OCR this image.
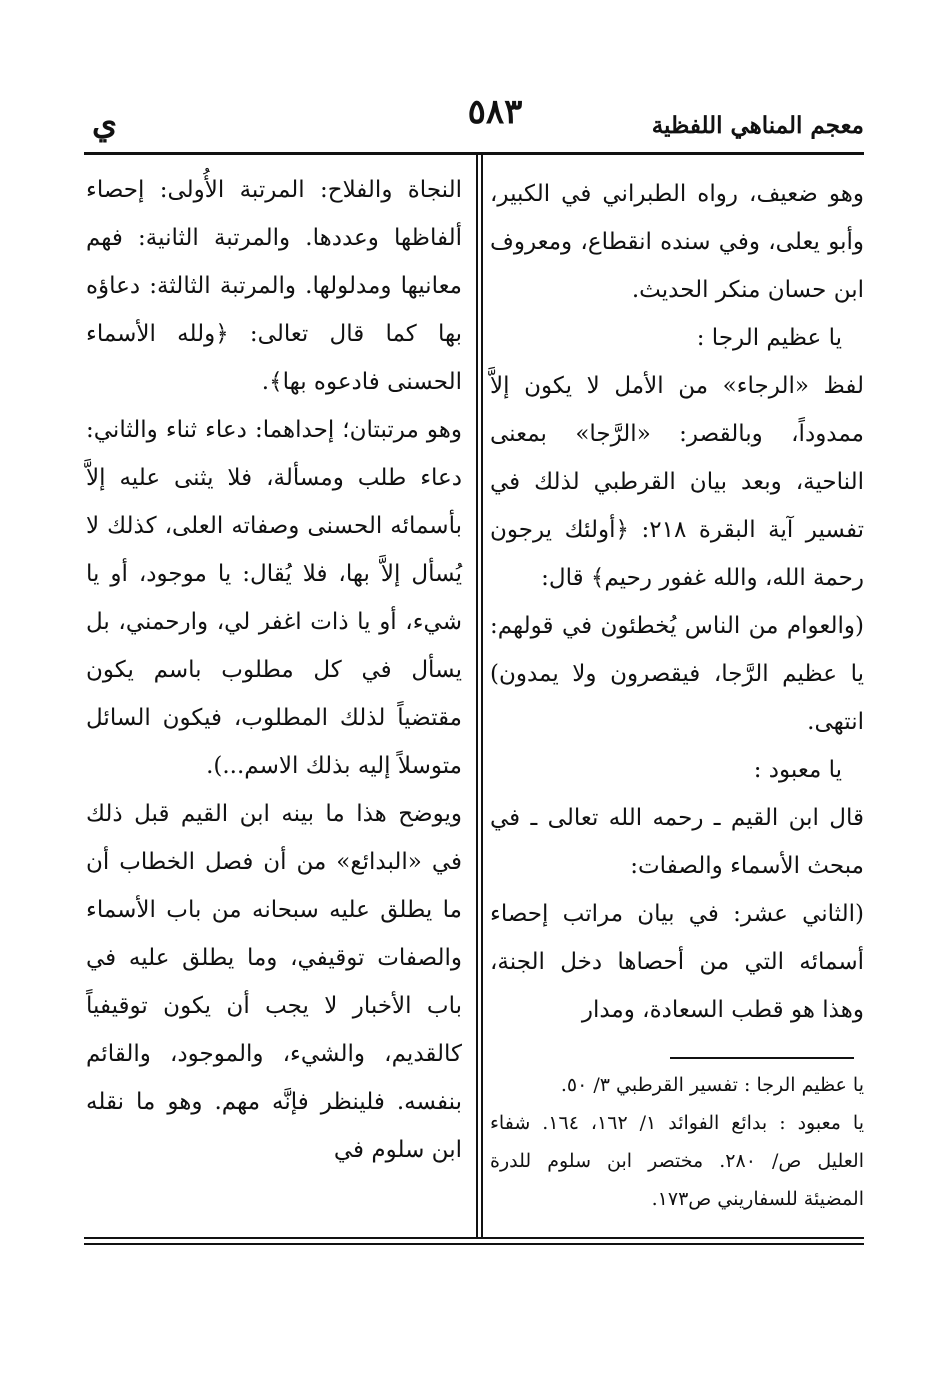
معجم المناهي اللفظية
٥٨٣
ي
وهو ضعيف، رواه الطبراني في الكبير، وأبو يعلى، وفي سنده انقطاع، ومعروف ابن حسان منكر الحديث.
يا عظيم الرجا :
لفظ «الرجاء» من الأمل لا يكون إلاَّ ممدوداً، وبالقصر: «الرَّجا» بمعنى الناحية، وبعد بيان القرطبي لذلك في تفسير آية البقرة ٢١٨: ﴿أولئك يرجون رحمة الله، والله غفور رحيم﴾ قال:
(والعوام من الناس يُخطئون في قولهم: يا عظيم الرَّجا، فيقصرون ولا يمدون) انتهى.
يا معبود :
قال ابن القيم ـ رحمه الله تعالى ـ في مبحث الأسماء والصفات:
(الثاني عشر: في بيان مراتب إحصاء أسمائه التي من أحصاها دخل الجنة، وهذا هو قطب السعادة، ومدار
النجاة والفلاح: المرتبة الأُولى: إحصاء ألفاظها وعددها. والمرتبة الثانية: فهم معانيها ومدلولها. والمرتبة الثالثة: دعاؤه بها كما قال تعالى: ﴿ولله الأسماء الحسنى فادعوه بها﴾.
وهو مرتبتان؛ إحداهما: دعاء ثناء والثاني: دعاء طلب ومسألة، فلا يثنى عليه إلاَّ بأسمائه الحسنى وصفاته العلى، كذلك لا يُسأل إلاَّ بها، فلا يُقال: يا موجود، أو يا شيء، أو يا ذات اغفر لي، وارحمني، بل يسأل في كل مطلوب باسم يكون مقتضياً لذلك المطلوب، فيكون السائل متوسلاً إليه بذلك الاسم...).
ويوضح هذا ما بينه ابن القيم قبل ذلك في «البدائع» من أن فصل الخطاب أن ما يطلق عليه سبحانه من باب الأسماء والصفات توقيفي، وما يطلق عليه في باب الأخبار لا يجب أن يكون توقيفياً كالقديم، والشيء، والموجود، والقائم بنفسه. فلينظر فإنَّه مهم. وهو ما نقله ابن سلوم في
يا عظيم الرجا : تفسير القرطبي ٣/ ٥٠.
يا معبود : بدائع الفوائد ١/ ١٦٢، ١٦٤. شفاء العليل ص/ ٢٨٠. مختصر ابن سلوم للدرة المضيئة للسفاريني ص١٧٣.
